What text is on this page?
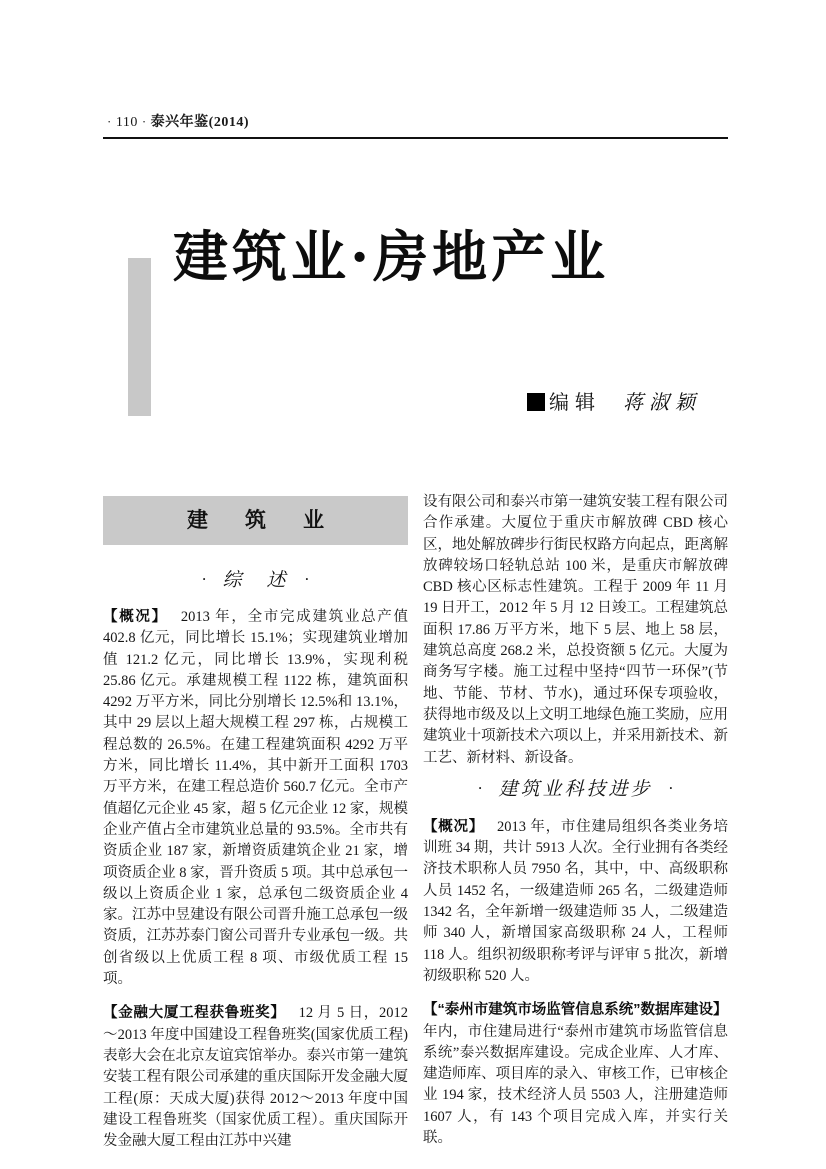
· 110 · 泰兴年鉴(2014)
建筑业·房地产业
编辑 蒋淑颖
建　筑　业
· 综　述 ·

【概况】 2013 年，全市完成建筑业总产值 402.8 亿元，同比增长 15.1%；实现建筑业增加值 121.2 亿元，同比增长 13.9%，实现利税 25.86 亿元。承建规模工程 1122 栋，建筑面积 4292 万平方米，同比分别增长 12.5%和 13.1%，其中 29 层以上超大规模工程 297 栋，占规模工程总数的 26.5%。在建工程建筑面积 4292 万平方米，同比增长 11.4%，其中新开工面积 1703 万平方米，在建工程总造价 560.7 亿元。全市产值超亿元企业 45 家，超 5 亿元企业 12 家，规模企业产值占全市建筑业总量的 93.5%。全市共有资质企业 187 家，新增资质建筑企业 21 家，增项资质企业 8 家，晋升资质 5 项。其中总承包一级以上资质企业 1 家，总承包二级资质企业 4 家。江苏中昱建设有限公司晋升施工总承包一级资质，江苏苏泰门窗公司晋升专业承包一级。共创省级以上优质工程 8 项、市级优质工程 15 项。

【金融大厦工程获鲁班奖】 12 月 5 日，2012～2013 年度中国建设工程鲁班奖(国家优质工程)表彰大会在北京友谊宾馆举办。泰兴市第一建筑安装工程有限公司承建的重庆国际开发金融大厦工程(原：天成大厦)获得 2012～2013 年度中国建设工程鲁班奖（国家优质工程）。重庆国际开发金融大厦工程由江苏中兴建

设有限公司和泰兴市第一建筑安装工程有限公司合作承建。大厦位于重庆市解放碑 CBD 核心区，地处解放碑步行街民权路方向起点，距离解放碑较场口轻轨总站 100 米，是重庆市解放碑 CBD 核心区标志性建筑。工程于 2009 年 11 月 19 日开工，2012 年 5 月 12 日竣工。工程建筑总面积 17.86 万平方米，地下 5 层、地上 58 层，建筑总高度 268.2 米，总投资额 5 亿元。大厦为商务写字楼。施工过程中坚持“四节一环保”(节地、节能、节材、节水)，通过环保专项验收，获得地市级及以上文明工地绿色施工奖励，应用建筑业十项新技术六项以上，并采用新技术、新工艺、新材料、新设备。

· 建筑业科技进步 ·

【概况】 2013 年，市住建局组织各类业务培训班 34 期，共计 5913 人次。全行业拥有各类经济技术职称人员 7950 名，其中，中、高级职称人员 1452 名，一级建造师 265 名，二级建造师 1342 名，全年新增一级建造师 35 人，二级建造师 340 人，新增国家高级职称 24 人，工程师 118 人。组织初级职称考评与评审 5 批次，新增初级职称 520 人。

【“泰州市建筑市场监管信息系统”数据库建设】年内，市住建局进行“泰州市建筑市场监管信息系统”泰兴数据库建设。完成企业库、人才库、建造师库、项目库的录入、审核工作，已审核企业 194 家，技术经济人员 5503 人，注册建造师 1607 人，有 143 个项目完成入库，并实行关联。
